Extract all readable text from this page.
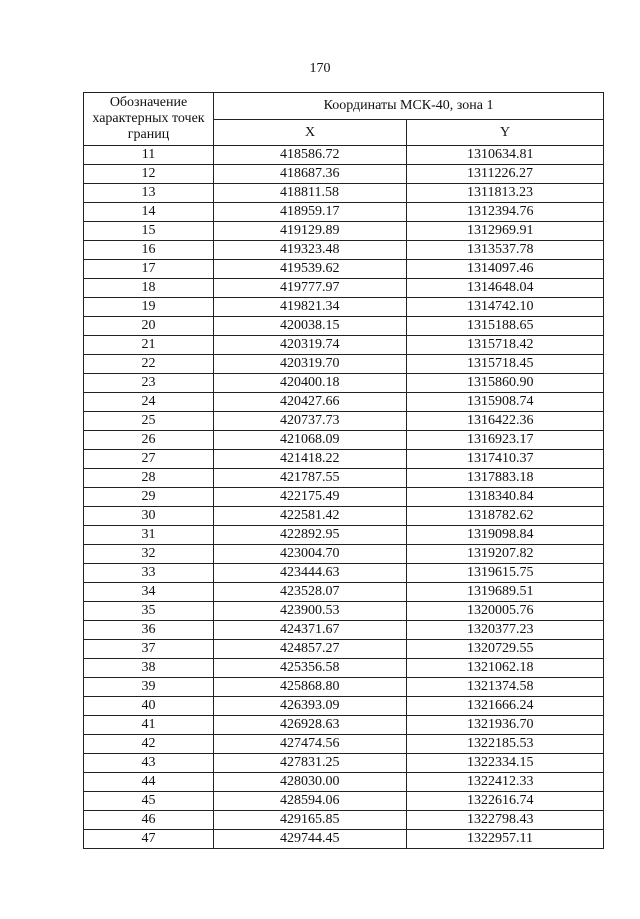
170
Обозначение характерных точек границ	Координаты МСК-40, зона 1	
	X	Y
11	418586.72	1310634.81
12	418687.36	1311226.27
13	418811.58	1311813.23
14	418959.17	1312394.76
15	419129.89	1312969.91
16	419323.48	1313537.78
17	419539.62	1314097.46
18	419777.97	1314648.04
19	419821.34	1314742.10
20	420038.15	1315188.65
21	420319.74	1315718.42
22	420319.70	1315718.45
23	420400.18	1315860.90
24	420427.66	1315908.74
25	420737.73	1316422.36
26	421068.09	1316923.17
27	421418.22	1317410.37
28	421787.55	1317883.18
29	422175.49	1318340.84
30	422581.42	1318782.62
31	422892.95	1319098.84
32	423004.70	1319207.82
33	423444.63	1319615.75
34	423528.07	1319689.51
35	423900.53	1320005.76
36	424371.67	1320377.23
37	424857.27	1320729.55
38	425356.58	1321062.18
39	425868.80	1321374.58
40	426393.09	1321666.24
41	426928.63	1321936.70
42	427474.56	1322185.53
43	427831.25	1322334.15
44	428030.00	1322412.33
45	428594.06	1322616.74
46	429165.85	1322798.43
47	429744.45	1322957.11
